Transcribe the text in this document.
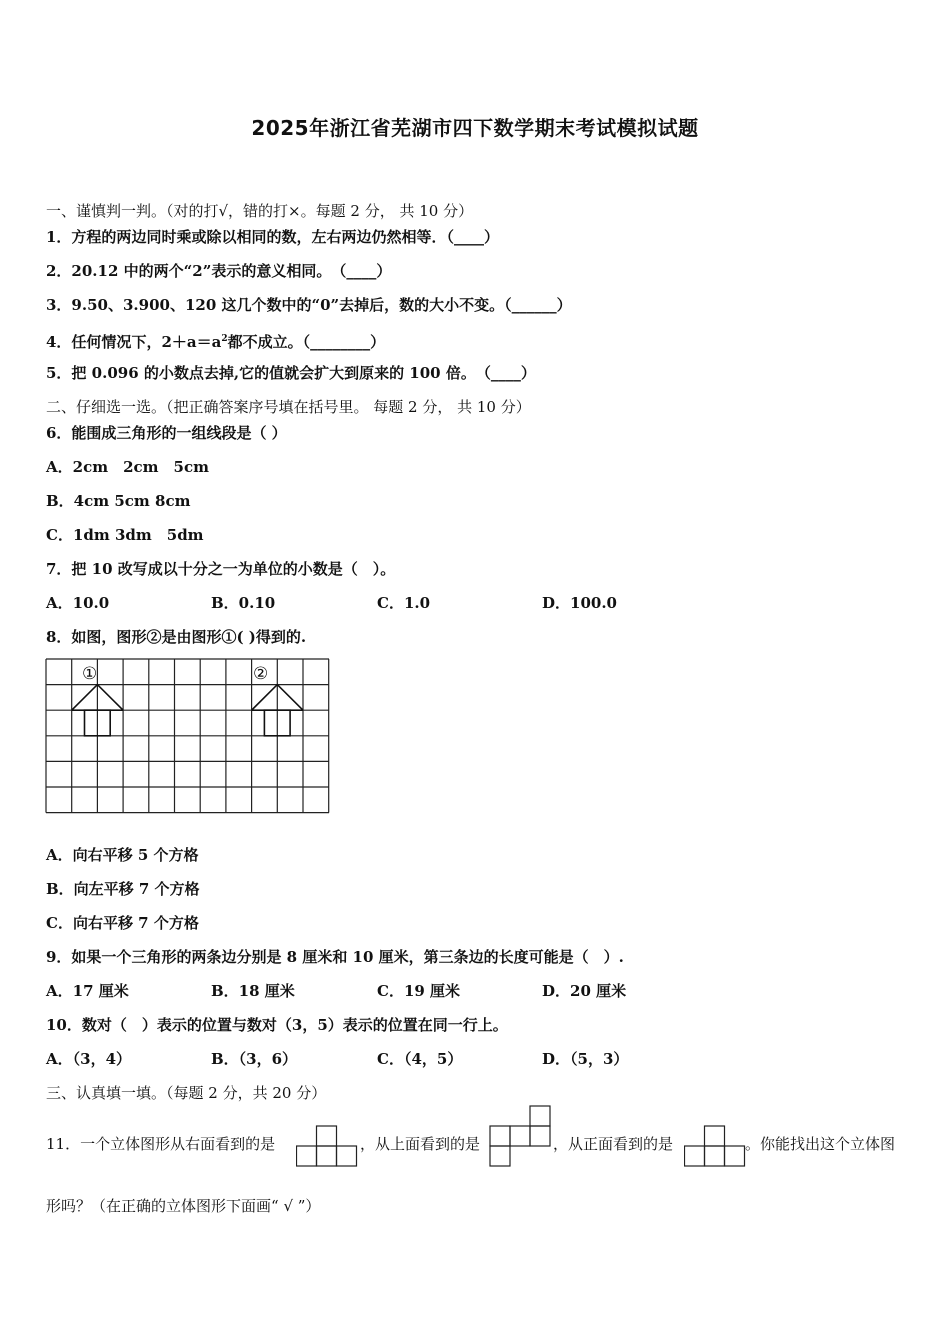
2025年浙江省芜湖市四下数学期末考试模拟试题
一、谨慎判一判。（对的打√，错的打×。每题 2 分， 共 10 分）
1．方程的两边同时乘或除以相同的数，左右两边仍然相等．（____）
2．20.12 中的两个“2”表示的意义相同。　（____）
3．9.50、3.900、120 这几个数中的“0”去掉后，数的大小不变。（______）
4．任何情况下，$2+a=a^2$都不成立。（________）
5．把 0.096 的小数点去掉,它的值就会扩大到原来的 100 倍。　（____）
二、仔细选一选。（把正确答案序号填在括号里。 每题 2 分， 共 10 分）
6．能围成三角形的一组线段是（ ）
A．2cm　2cm　5cm
B．4cm 5cm 8cm
C．1dm 3dm　5dm
7．把 10 改写成以十分之一为单位的小数是（　）。
A．10.0	B．0.10	C．1.0	D．100.0
8．如图，图形②是由图形①( )得到的.
①	②
A．向右平移 5 个方格
B．向左平移 7 个方格
C．向右平移 7 个方格
9．如果一个三角形的两条边分别是 8 厘米和 10 厘米，第三条边的长度可能是（　）.
A．17 厘米	B．18 厘米	C．19 厘米	D．20 厘米
10．数对（　）表示的位置与数对（3，5）表示的位置在同一行上。
A．（3，4）	B．（3，6）	C．（4，5）	D．（5，3）
三、认真填一填。（每题 2 分，共 20 分）
11．一个立体图形从右面看到的是	，从上面看到的是	，从正面看到的是	。你能找出这个立体图
形吗？（在正确的立体图形下面画“ √ ”）
